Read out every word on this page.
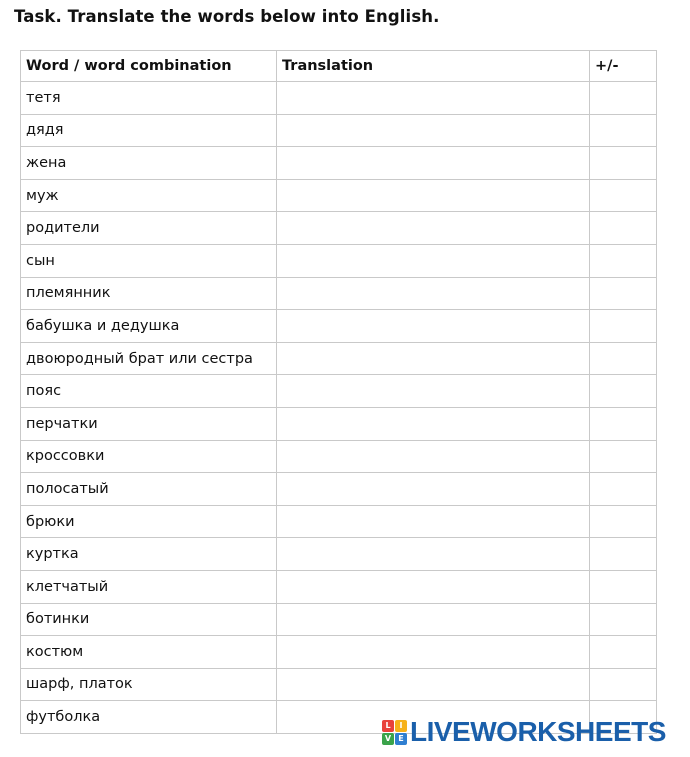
Task. Translate the words below into English.
Word / word combination	Translation	+/-
тетя		
дядя		
жена		
муж		
родители		
сын		
племянник		
бабушка и дедушка		
двоюродный брат или сестра		
пояс		
перчатки		
кроссовки		
полосатый		
брюки		
куртка		
клетчатый		
ботинки		
костюм		
шарф, платок		
футболка			L	I
V E LIVEWORKSHEETS
